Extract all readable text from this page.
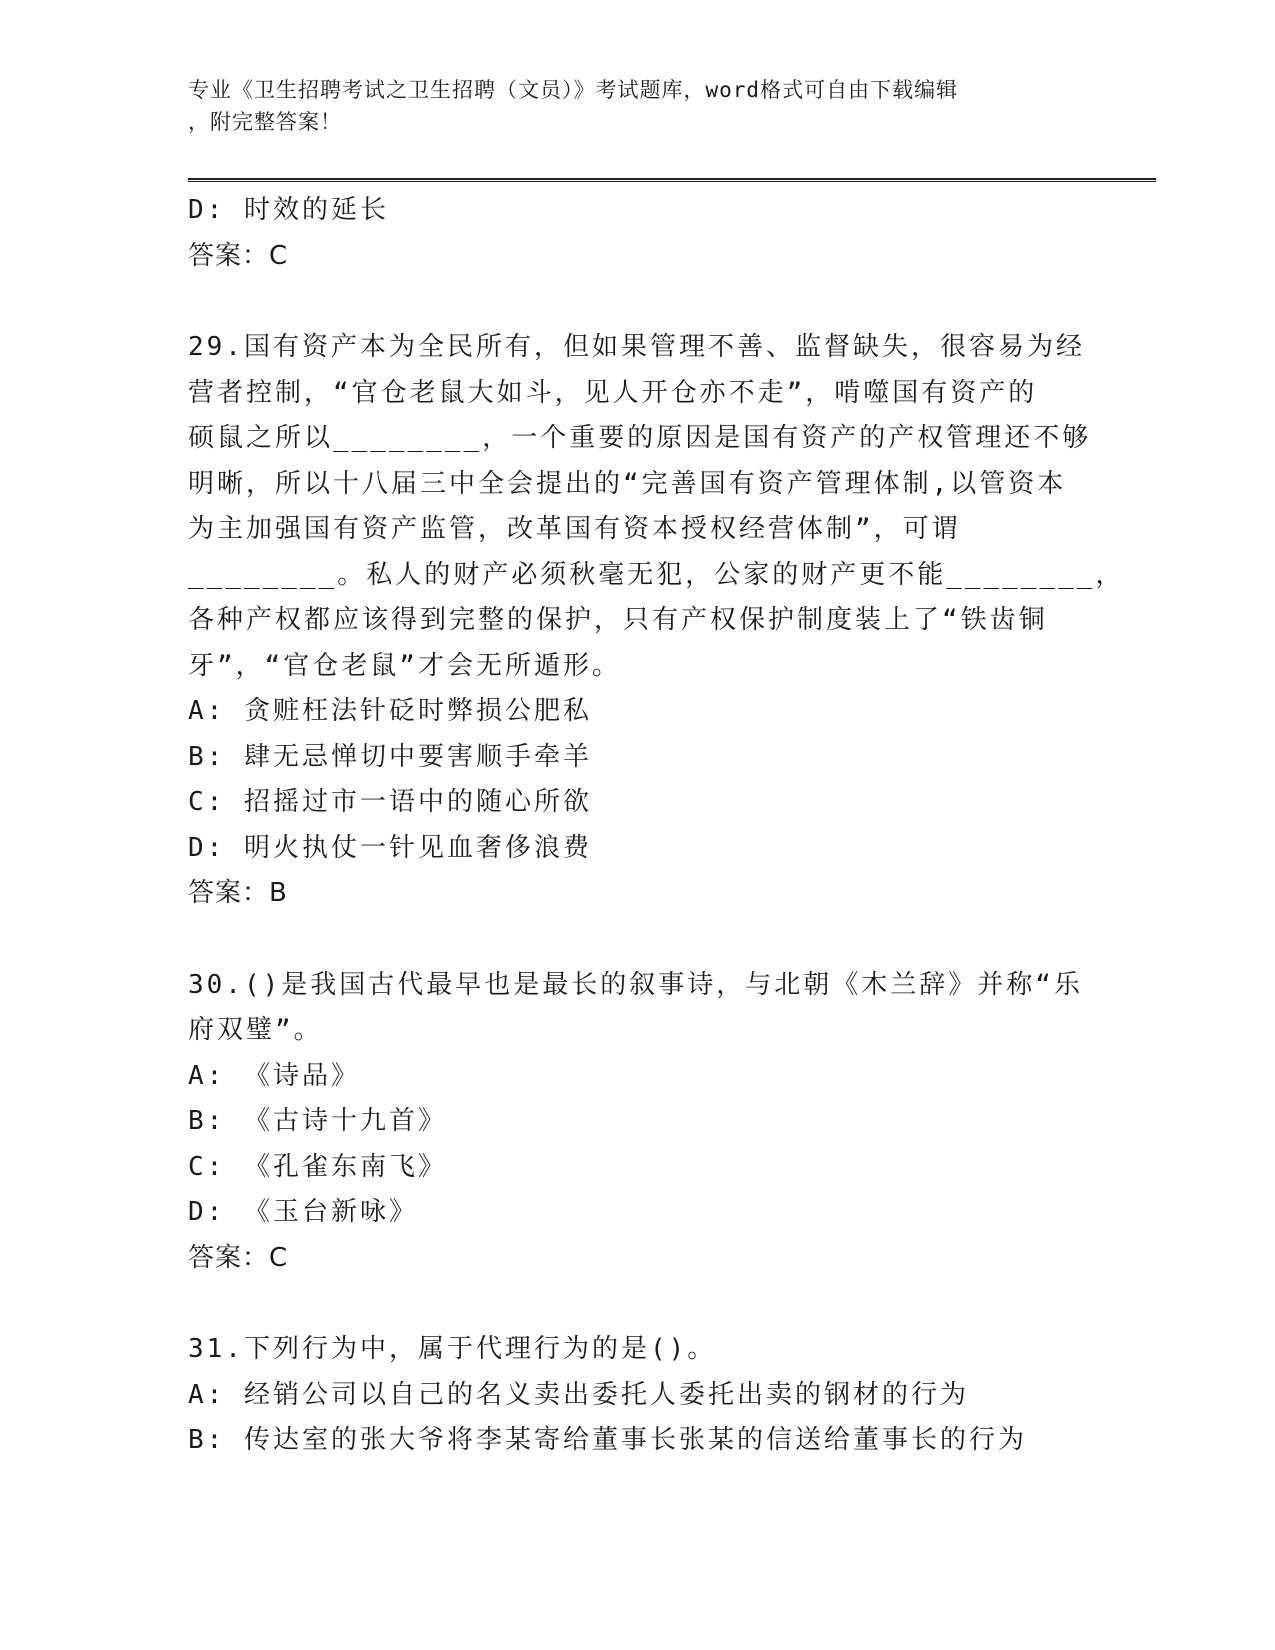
专业《卫生招聘考试之卫生招聘（文员）》考试题库，word格式可自由下载编辑
，附完整答案！
D: 时效的延长
答案：C
29.国有资产本为全民所有，但如果管理不善、监督缺失，很容易为经
营者控制，“官仓老鼠大如斗，见人开仓亦不走”，啃噬国有资产的
硕鼠之所以________，一个重要的原因是国有资产的产权管理还不够
明晰，所以十八届三中全会提出的“完善国有资产管理体制,以管资本
为主加强国有资产监管，改革国有资本授权经营体制”，可谓
________。私人的财产必须秋毫无犯，公家的财产更不能________，
各种产权都应该得到完整的保护，只有产权保护制度装上了“铁齿铜
牙”，“官仓老鼠”才会无所遁形。
A: 贪赃枉法针砭时弊损公肥私
B: 肆无忌惮切中要害顺手牵羊
C: 招摇过市一语中的随心所欲
D: 明火执仗一针见血奢侈浪费
答案：B
30.()是我国古代最早也是最长的叙事诗，与北朝《木兰辞》并称“乐
府双璧”。
A: 《诗品》
B: 《古诗十九首》
C: 《孔雀东南飞》
D: 《玉台新咏》
答案：C
31.下列行为中，属于代理行为的是()。
A: 经销公司以自己的名义卖出委托人委托出卖的钢材的行为
B: 传达室的张大爷将李某寄给董事长张某的信送给董事长的行为
